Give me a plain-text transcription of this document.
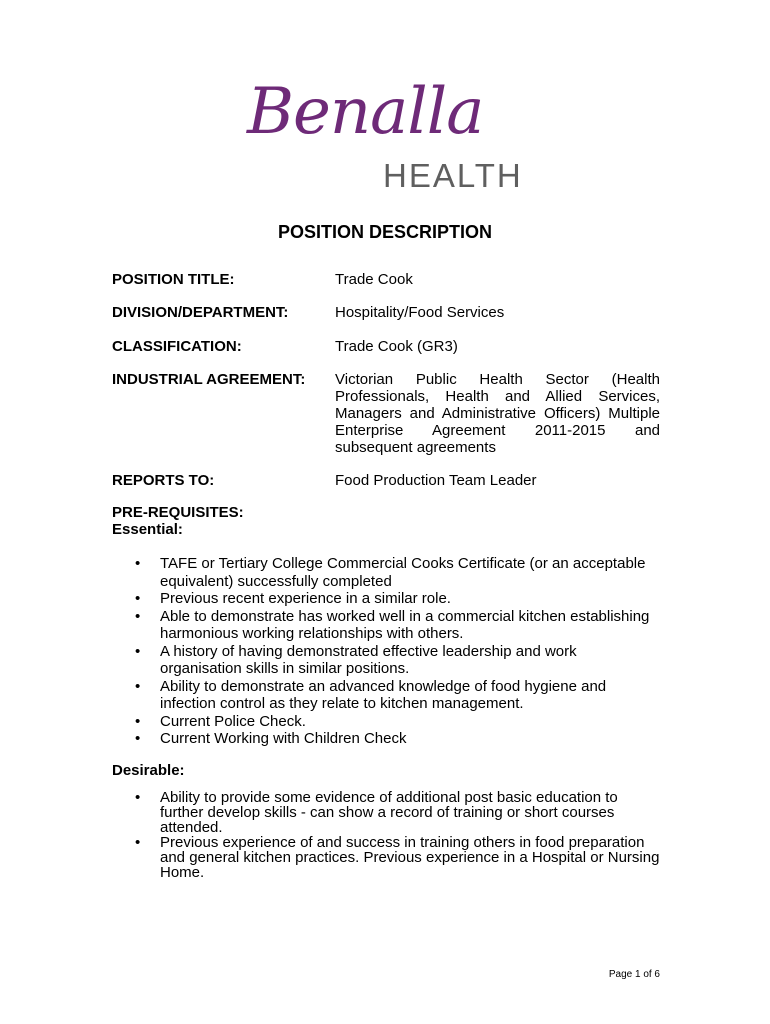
Benalla
HEALTH
POSITION DESCRIPTION
POSITION TITLE:	Trade Cook
DIVISION/DEPARTMENT:	Hospitality/Food Services
CLASSIFICATION:	Trade Cook (GR3)
INDUSTRIAL AGREEMENT: Victorian Public Health Sector (Health Professionals, Health and Allied Services, Managers and Administrative Officers) Multiple Enterprise Agreement 2011-2015 and subsequent agreements
REPORTS TO:	Food Production Team Leader
PRE-REQUISITES:
Essential:
• TAFE or Tertiary College Commercial Cooks Certificate (or an acceptable equivalent) successfully completed
• Previous recent experience in a similar role.
• Able to demonstrate has worked well in a commercial kitchen establishing harmonious working relationships with others.
• A history of having demonstrated effective leadership and work organisation skills in similar positions.
• Ability to demonstrate an advanced knowledge of food hygiene and infection control as they relate to kitchen management.
• Current Police Check.
• Current Working with Children Check
Desirable:
• Ability to provide some evidence of additional post basic education to further develop skills - can show a record of training or short courses attended.
• Previous experience of and success in training others in food preparation and general kitchen practices. Previous experience in a Hospital or Nursing Home.
Page 1 of 6
